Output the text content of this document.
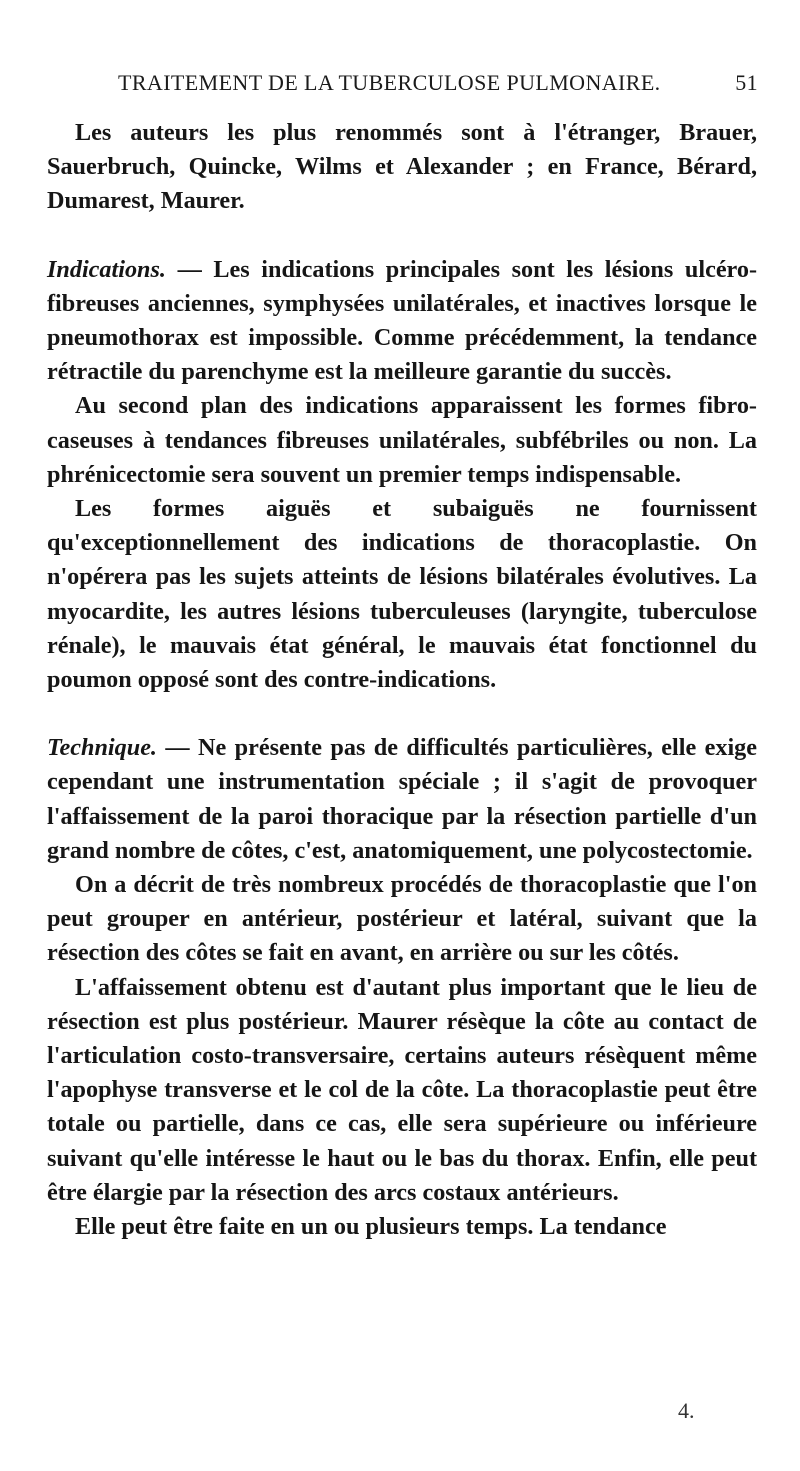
TRAITEMENT DE LA TUBERCULOSE PULMONAIRE.	51

Les auteurs les plus renommés sont à l'étranger, Brauer, Sauerbruch, Quincke, Wilms et Alexander ; en France, Bérard, Dumarest, Maurer.

Indications. — Les indications principales sont les lésions ulcéro-fibreuses anciennes, symphysées unilatérales, et inactives lorsque le pneumothorax est impossible. Comme précédemment, la tendance rétractile du parenchyme est la meilleure garantie du succès.

Au second plan des indications apparaissent les formes fibro-caseuses à tendances fibreuses unilatérales, subfébriles ou non. La phrénicectomie sera souvent un premier temps indispensable.

Les formes aiguës et subaiguës ne fournissent qu'exceptionnellement des indications de thoracoplastie. On n'opérera pas les sujets atteints de lésions bilatérales évolutives. La myocardite, les autres lésions tuberculeuses (laryngite, tuberculose rénale), le mauvais état général, le mauvais état fonctionnel du poumon opposé sont des contre-indications.

Technique. — Ne présente pas de difficultés particulières, elle exige cependant une instrumentation spéciale ; il s'agit de provoquer l'affaissement de la paroi thoracique par la résection partielle d'un grand nombre de côtes, c'est, anatomiquement, une polycostectomie.

On a décrit de très nombreux procédés de thoracoplastie que l'on peut grouper en antérieur, postérieur et latéral, suivant que la résection des côtes se fait en avant, en arrière ou sur les côtés.

L'affaissement obtenu est d'autant plus important que le lieu de résection est plus postérieur. Maurer résèque la côte au contact de l'articulation costo-transversaire, certains auteurs résèquent même l'apophyse transverse et le col de la côte. La thoracoplastie peut être totale ou partielle, dans ce cas, elle sera supérieure ou inférieure suivant qu'elle intéresse le haut ou le bas du thorax. Enfin, elle peut être élargie par la résection des arcs costaux antérieurs.

Elle peut être faite en un ou plusieurs temps. La tendance

4.
